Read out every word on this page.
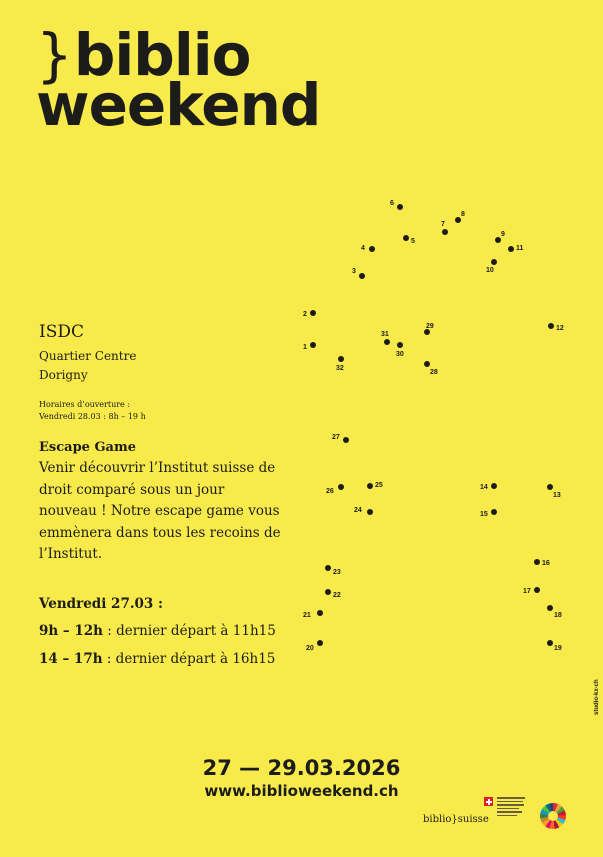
}biblio
weekend
1
2
3
4
5
6
7
8
9
10
11
12
13
14
15
16
17
18
19
20
21
22
23
24
25
26
27
28
29
30
31
32
ISDC
Quartier Centre
Dorigny
Horaires d’ouverture :
Vendredi 28.03 : 8h – 19 h
Escape Game
Venir découvrir l’Institut suisse de droit comparé sous un jour nouveau ! Notre escape game vous emmènera dans tous les recoins de l’Institut.
Vendredi 27.03 :
9h – 12h : dernier départ à 11h15
14 – 17h : dernier départ à 16h15
27 — 29.03.2026
www.biblioweekend.ch
studio-kx-ch
biblio}suisse
